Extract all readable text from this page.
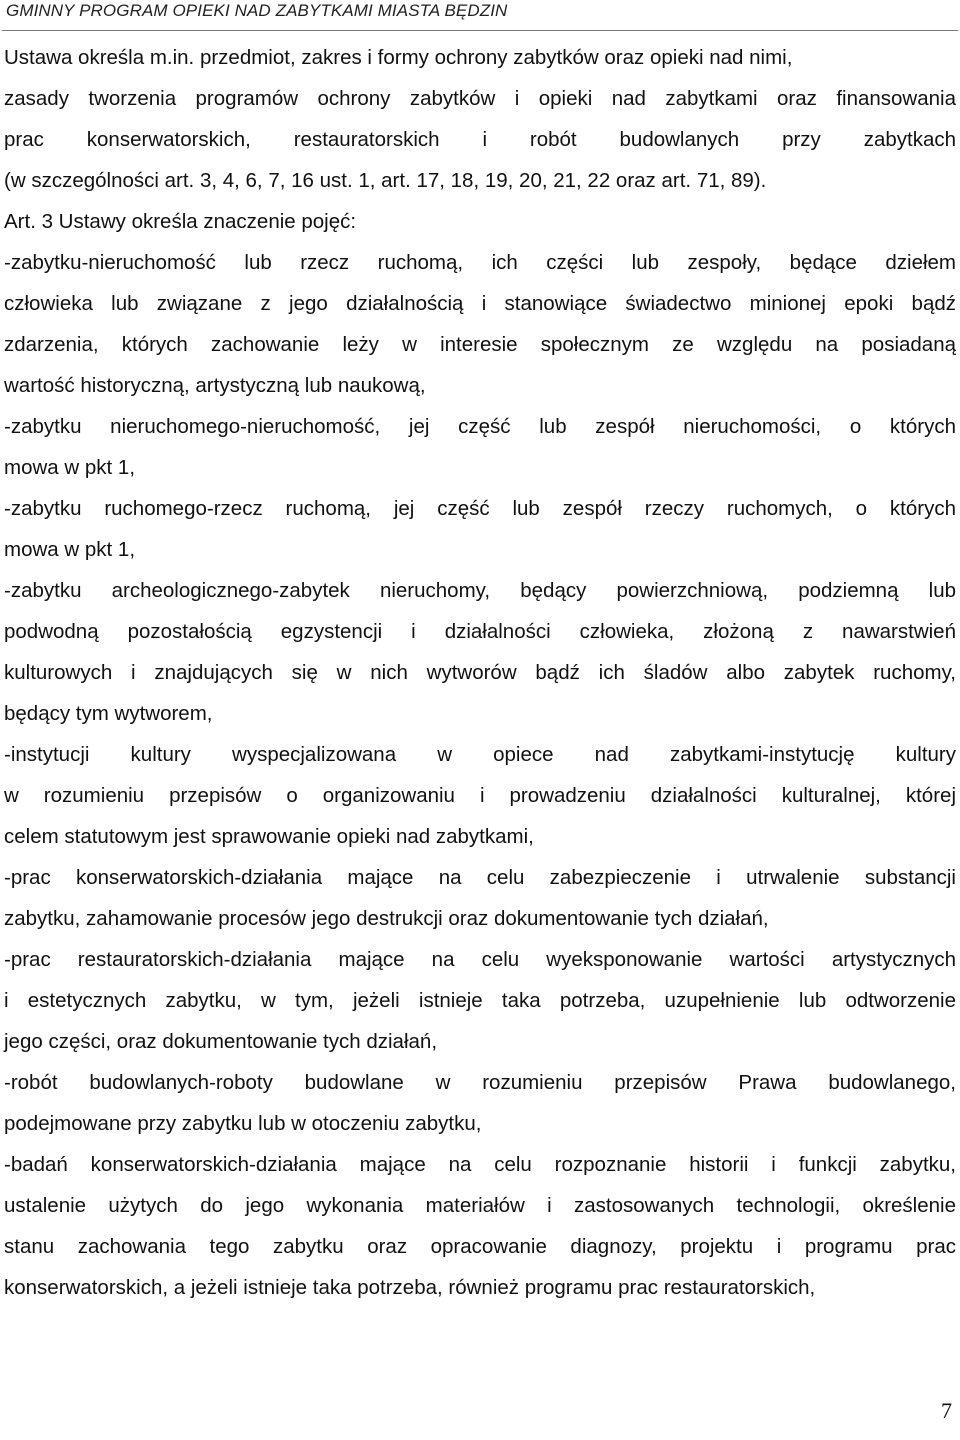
GMINNY PROGRAM OPIEKI NAD ZABYTKAMI MIASTA BĘDZIN
Ustawa określa m.in. przedmiot, zakres i formy ochrony zabytków oraz opieki nad nimi,
zasady tworzenia programów ochrony zabytków i opieki nad zabytkami oraz finansowania
prac konserwatorskich, restauratorskich i robót budowlanych przy zabytkach
(w szczególności art. 3, 4, 6, 7, 16 ust. 1, art. 17, 18, 19, 20, 21, 22 oraz art. 71, 89).
Art. 3 Ustawy określa znaczenie pojęć:
-zabytku-nieruchomość lub rzecz ruchomą, ich części lub zespoły, będące dziełem
człowieka lub związane z jego działalnością i stanowiące świadectwo minionej epoki bądź
zdarzenia, których zachowanie leży w interesie społecznym ze względu na posiadaną
wartość historyczną, artystyczną lub naukową,
-zabytku nieruchomego-nieruchomość, jej część lub zespół nieruchomości, o których
mowa w pkt 1,
-zabytku ruchomego-rzecz ruchomą, jej część lub zespół rzeczy ruchomych, o których
mowa w pkt 1,
-zabytku archeologicznego-zabytek nieruchomy, będący powierzchniową, podziemną lub
podwodną pozostałością egzystencji i działalności człowieka, złożoną z nawarstwień
kulturowych i znajdujących się w nich wytworów bądź ich śladów albo zabytek ruchomy,
będący tym wytworem,
-instytucji kultury wyspecjalizowana w opiece nad zabytkami-instytucję kultury
w rozumieniu przepisów o organizowaniu i prowadzeniu działalności kulturalnej, której
celem statutowym jest sprawowanie opieki nad zabytkami,
-prac konserwatorskich-działania mające na celu zabezpieczenie i utrwalenie substancji
zabytku, zahamowanie procesów jego destrukcji oraz dokumentowanie tych działań,
-prac restauratorskich-działania mające na celu wyeksponowanie wartości artystycznych
i estetycznych zabytku, w tym, jeżeli istnieje taka potrzeba, uzupełnienie lub odtworzenie
jego części, oraz dokumentowanie tych działań,
-robót budowlanych-roboty budowlane w rozumieniu przepisów Prawa budowlanego,
podejmowane przy zabytku lub w otoczeniu zabytku,
-badań konserwatorskich-działania mające na celu rozpoznanie historii i funkcji zabytku,
ustalenie użytych do jego wykonania materiałów i zastosowanych technologii, określenie
stanu zachowania tego zabytku oraz opracowanie diagnozy, projektu i programu prac
konserwatorskich, a jeżeli istnieje taka potrzeba, również programu prac restauratorskich,
7
